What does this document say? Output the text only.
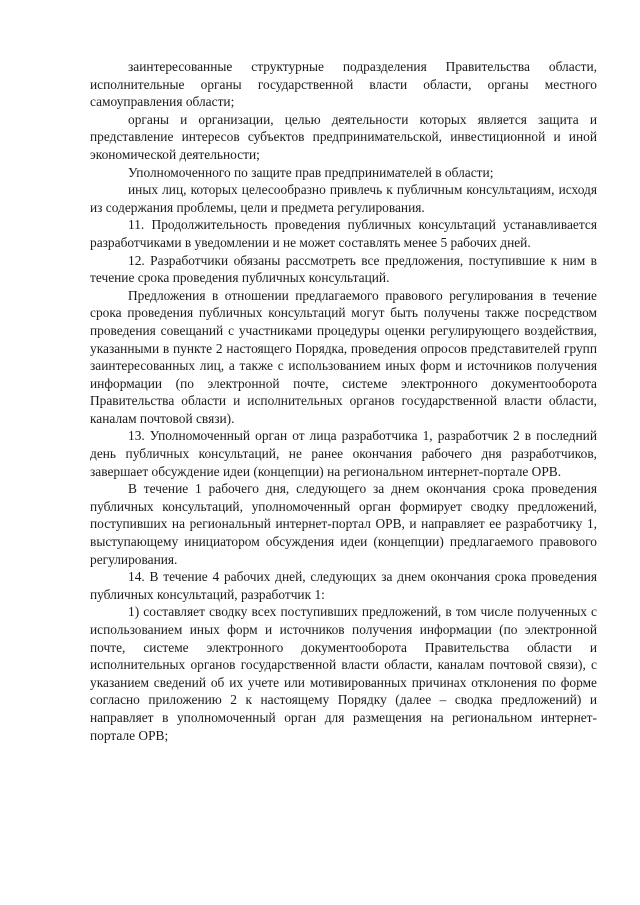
заинтересованные структурные подразделения Правительства области, исполнительные органы государственной власти области, органы местного самоуправления области;

органы и организации, целью деятельности которых является защита и представление интересов субъектов предпринимательской, инвестиционной и иной экономической деятельности;

Уполномоченного по защите прав предпринимателей в области;

иных лиц, которых целесообразно привлечь к публичным консультациям, исходя из содержания проблемы, цели и предмета регулирования.

11. Продолжительность проведения публичных консультаций устанавливается разработчиками в уведомлении и не может составлять менее 5 рабочих дней.

12. Разработчики обязаны рассмотреть все предложения, поступившие к ним в течение срока проведения публичных консультаций.

Предложения в отношении предлагаемого правового регулирования в течение срока проведения публичных консультаций могут быть получены также посредством проведения совещаний с участниками процедуры оценки регулирующего воздействия, указанными в пункте 2 настоящего Порядка, проведения опросов представителей групп заинтересованных лиц, а также с использованием иных форм и источников получения информации (по электронной почте, системе электронного документооборота Правительства области и исполнительных органов государственной власти области, каналам почтовой связи).

13. Уполномоченный орган от лица разработчика 1, разработчик 2 в последний день публичных консультаций, не ранее окончания рабочего дня разработчиков, завершает обсуждение идеи (концепции) на региональном интернет-портале ОРВ.

В течение 1 рабочего дня, следующего за днем окончания срока проведения публичных консультаций, уполномоченный орган формирует сводку предложений, поступивших на региональный интернет-портал ОРВ, и направляет ее разработчику 1, выступающему инициатором обсуждения идеи (концепции) предлагаемого правового регулирования.

14. В течение 4 рабочих дней, следующих за днем окончания срока проведения публичных консультаций, разработчик 1:

1) составляет сводку всех поступивших предложений, в том числе полученных с использованием иных форм и источников получения информации (по электронной почте, системе электронного документооборота Правительства области и исполнительных органов государственной власти области, каналам почтовой связи), с указанием сведений об их учете или мотивированных причинах отклонения по форме согласно приложению 2 к настоящему Порядку (далее – сводка предложений) и направляет в уполномоченный орган для размещения на региональном интернет-портале ОРВ;
